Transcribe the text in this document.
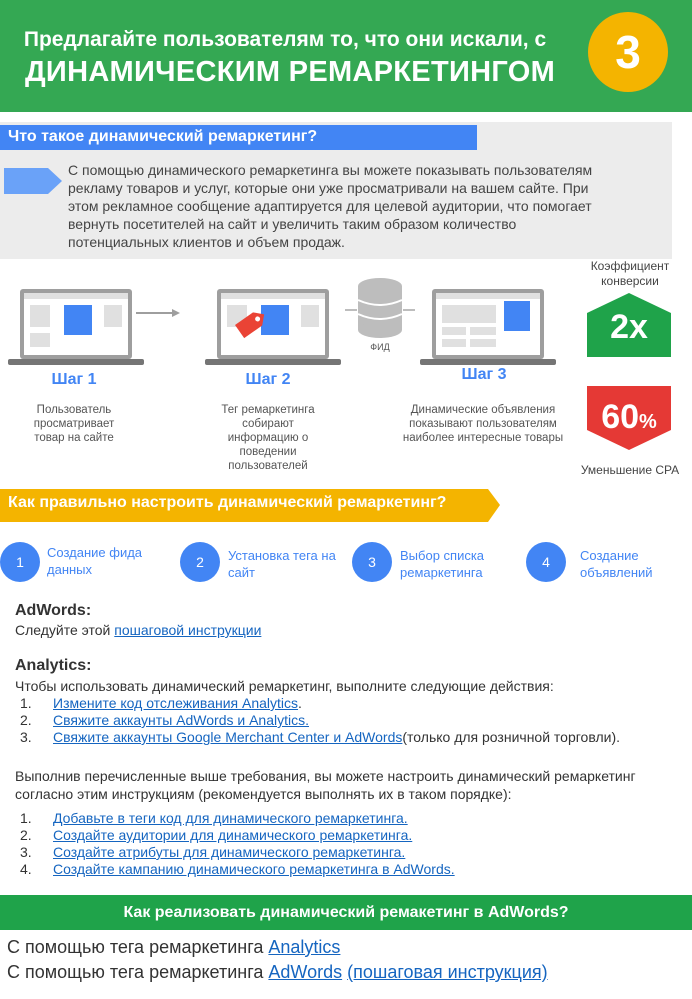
Предлагайте пользователям то, что они искали, с
ДИНАМИЧЕСКИМ РЕМАРКЕТИНГОМ	3
Что такое динамический ремаркетинг?
С помощью динамического ремаркетинга вы можете показывать пользователям рекламу товаров и услуг, которые они уже просматривали на вашем сайте. При этом рекламное сообщение адаптируется для целевой аудитории, что помогает вернуть посетителей на сайт и увеличить таким образом количество потенциальных клиентов и объем продаж.
Шаг 1
Пользователь просматривает товар на сайте
Шаг 2
Тег ремаркетинга собирают информацию о поведении пользователей
ФИД
Шаг 3
Динамические объявления показывают пользователям наиболее интересные товары
Коэффициент конверсии
2x
60%
Уменьшение CPA
Как правильно настроить динамический ремаркетинг?
1
Создание фида данных	2	Установка тега на сайт
3	Выбор списка ремаркетинга
4	Создание объявлений
AdWords:
Следуйте этой пошаговой инструкции
Analytics:
Чтобы использовать динамический ремаркетинг, выполните следующие действия:
1.	Измените код отслеживания Analytics .
2.	Свяжите аккаунты AdWords и Analytics.
3.	Свяжите аккаунты Google Merchant Center и AdWords (только для розничной торговли).
Выполнив перечисленные выше требования, вы можете настроить динамический ремаркетинг согласно этим инструкциям (рекомендуется выполнять их в таком порядке):
1.	Добавьте в теги код для динамического ремаркетинга.
2.	Создайте аудитории для динамического ремаркетинга.
3.	Создайте атрибуты для динамического ремаркетинга.
4.	Создайте кампанию динамического ремаркетинга в AdWords.
Как реализовать динамический ремакетинг в AdWords?
С помощью тега ремаркетинга Analytics
С помощью тега ремаркетинга AdWords (пошаговая инструкция)
